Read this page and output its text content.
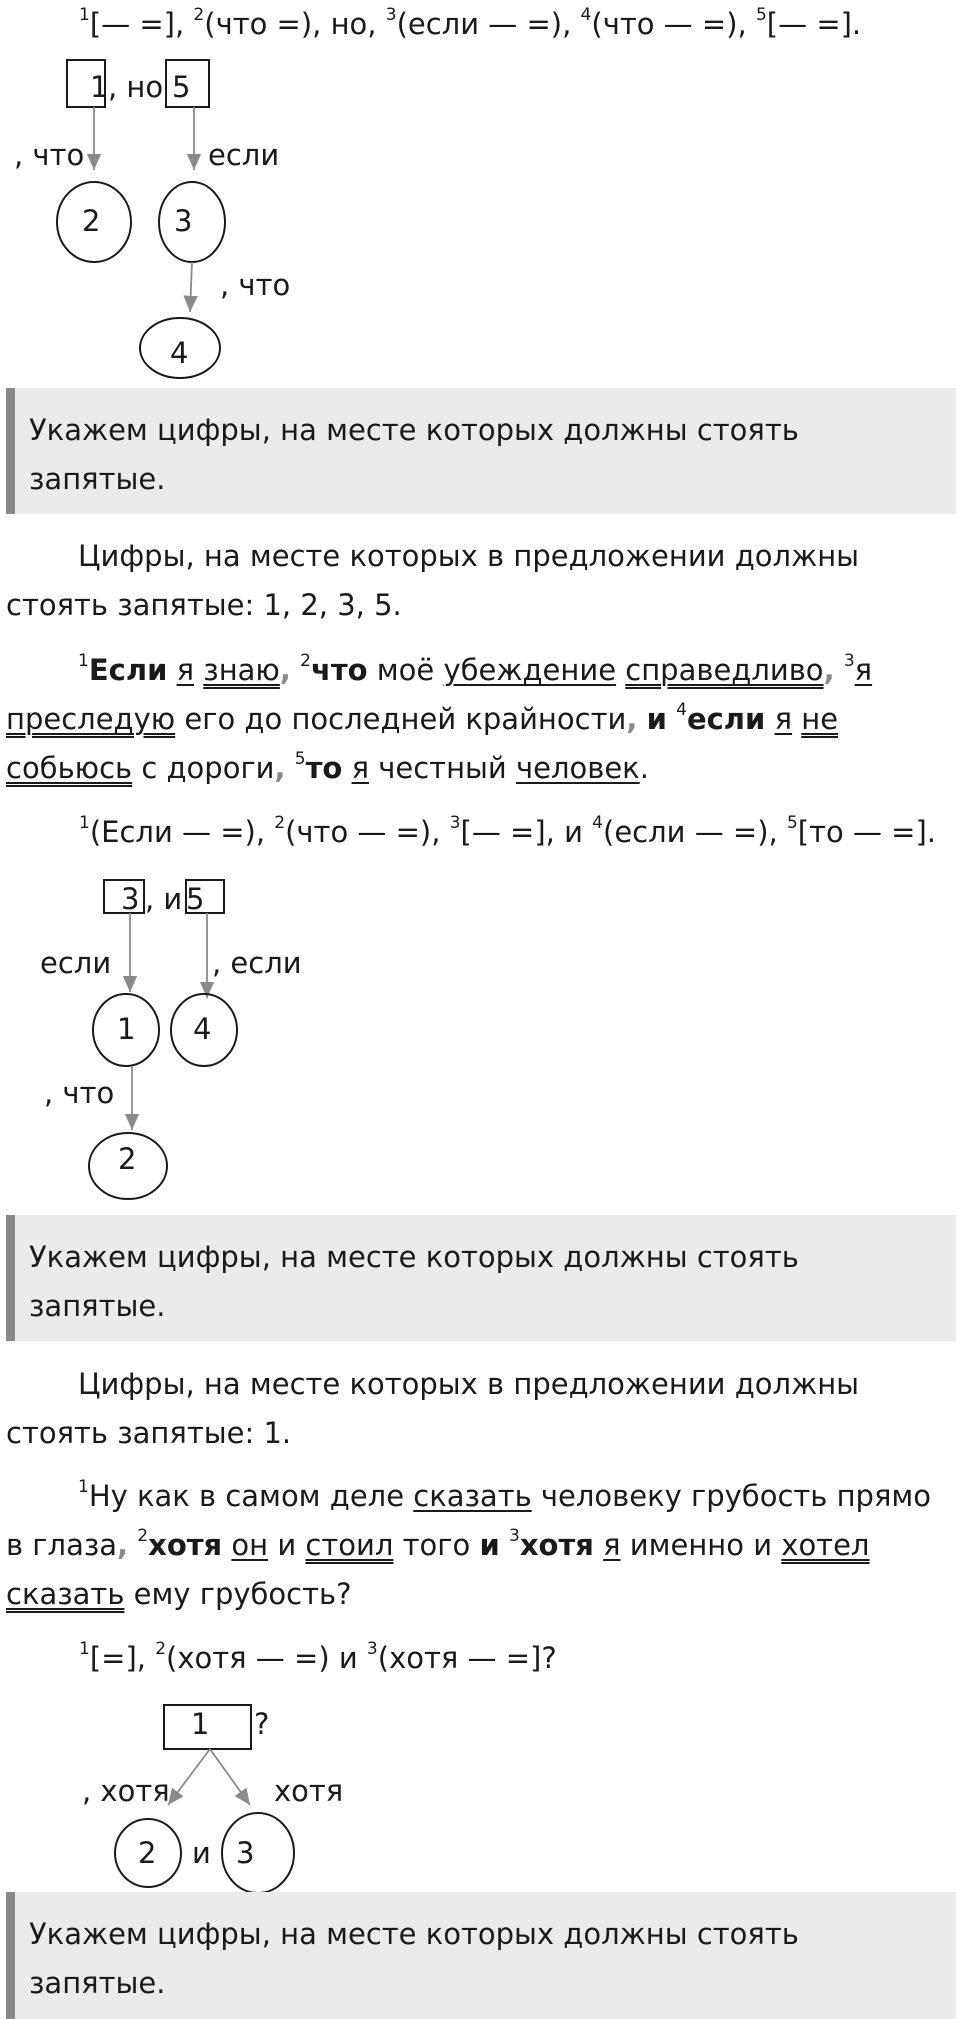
$^1$[— =], $^2$(что =), но, $^3$(если — =), $^4$(что — =), $^5$[— =].
1 , но 5
, что	если
2	3
, что
4
Укажем цифры, на месте которых должны стоять запятые.
Цифры, на месте которых в предложении должны стоять запятые: 1, 2, 3, 5.
$^1$Если я знаю, $^2$что моё убеждение справедливо, $^3$я
преследую его до последней крайности, и $^4$если я не
собьюсь с дороги, $^5$то я честный человек.
$^1$(Если — =), $^2$(что — =), $^3$[— =], и $^4$(если — =), $^5$[то — =].
3 , и 5
если	, если
1 4
, что
2
Укажем цифры, на месте которых должны стоять запятые.
Цифры, на месте которых в предложении должны стоять запятые: 1.
$^1$Ну как в самом деле сказать человеку грубость прямо в глаза, $^2$хотя он и стоил того и $^3$хотя я именно и хотел
сказать ему грубость?
$^1$[=], $^2$(хотя — =) и $^3$(хотя — =]?
1 ?
, хотя	хотя
2 и 3
Укажем цифры, на месте которых должны стоять запятые.
